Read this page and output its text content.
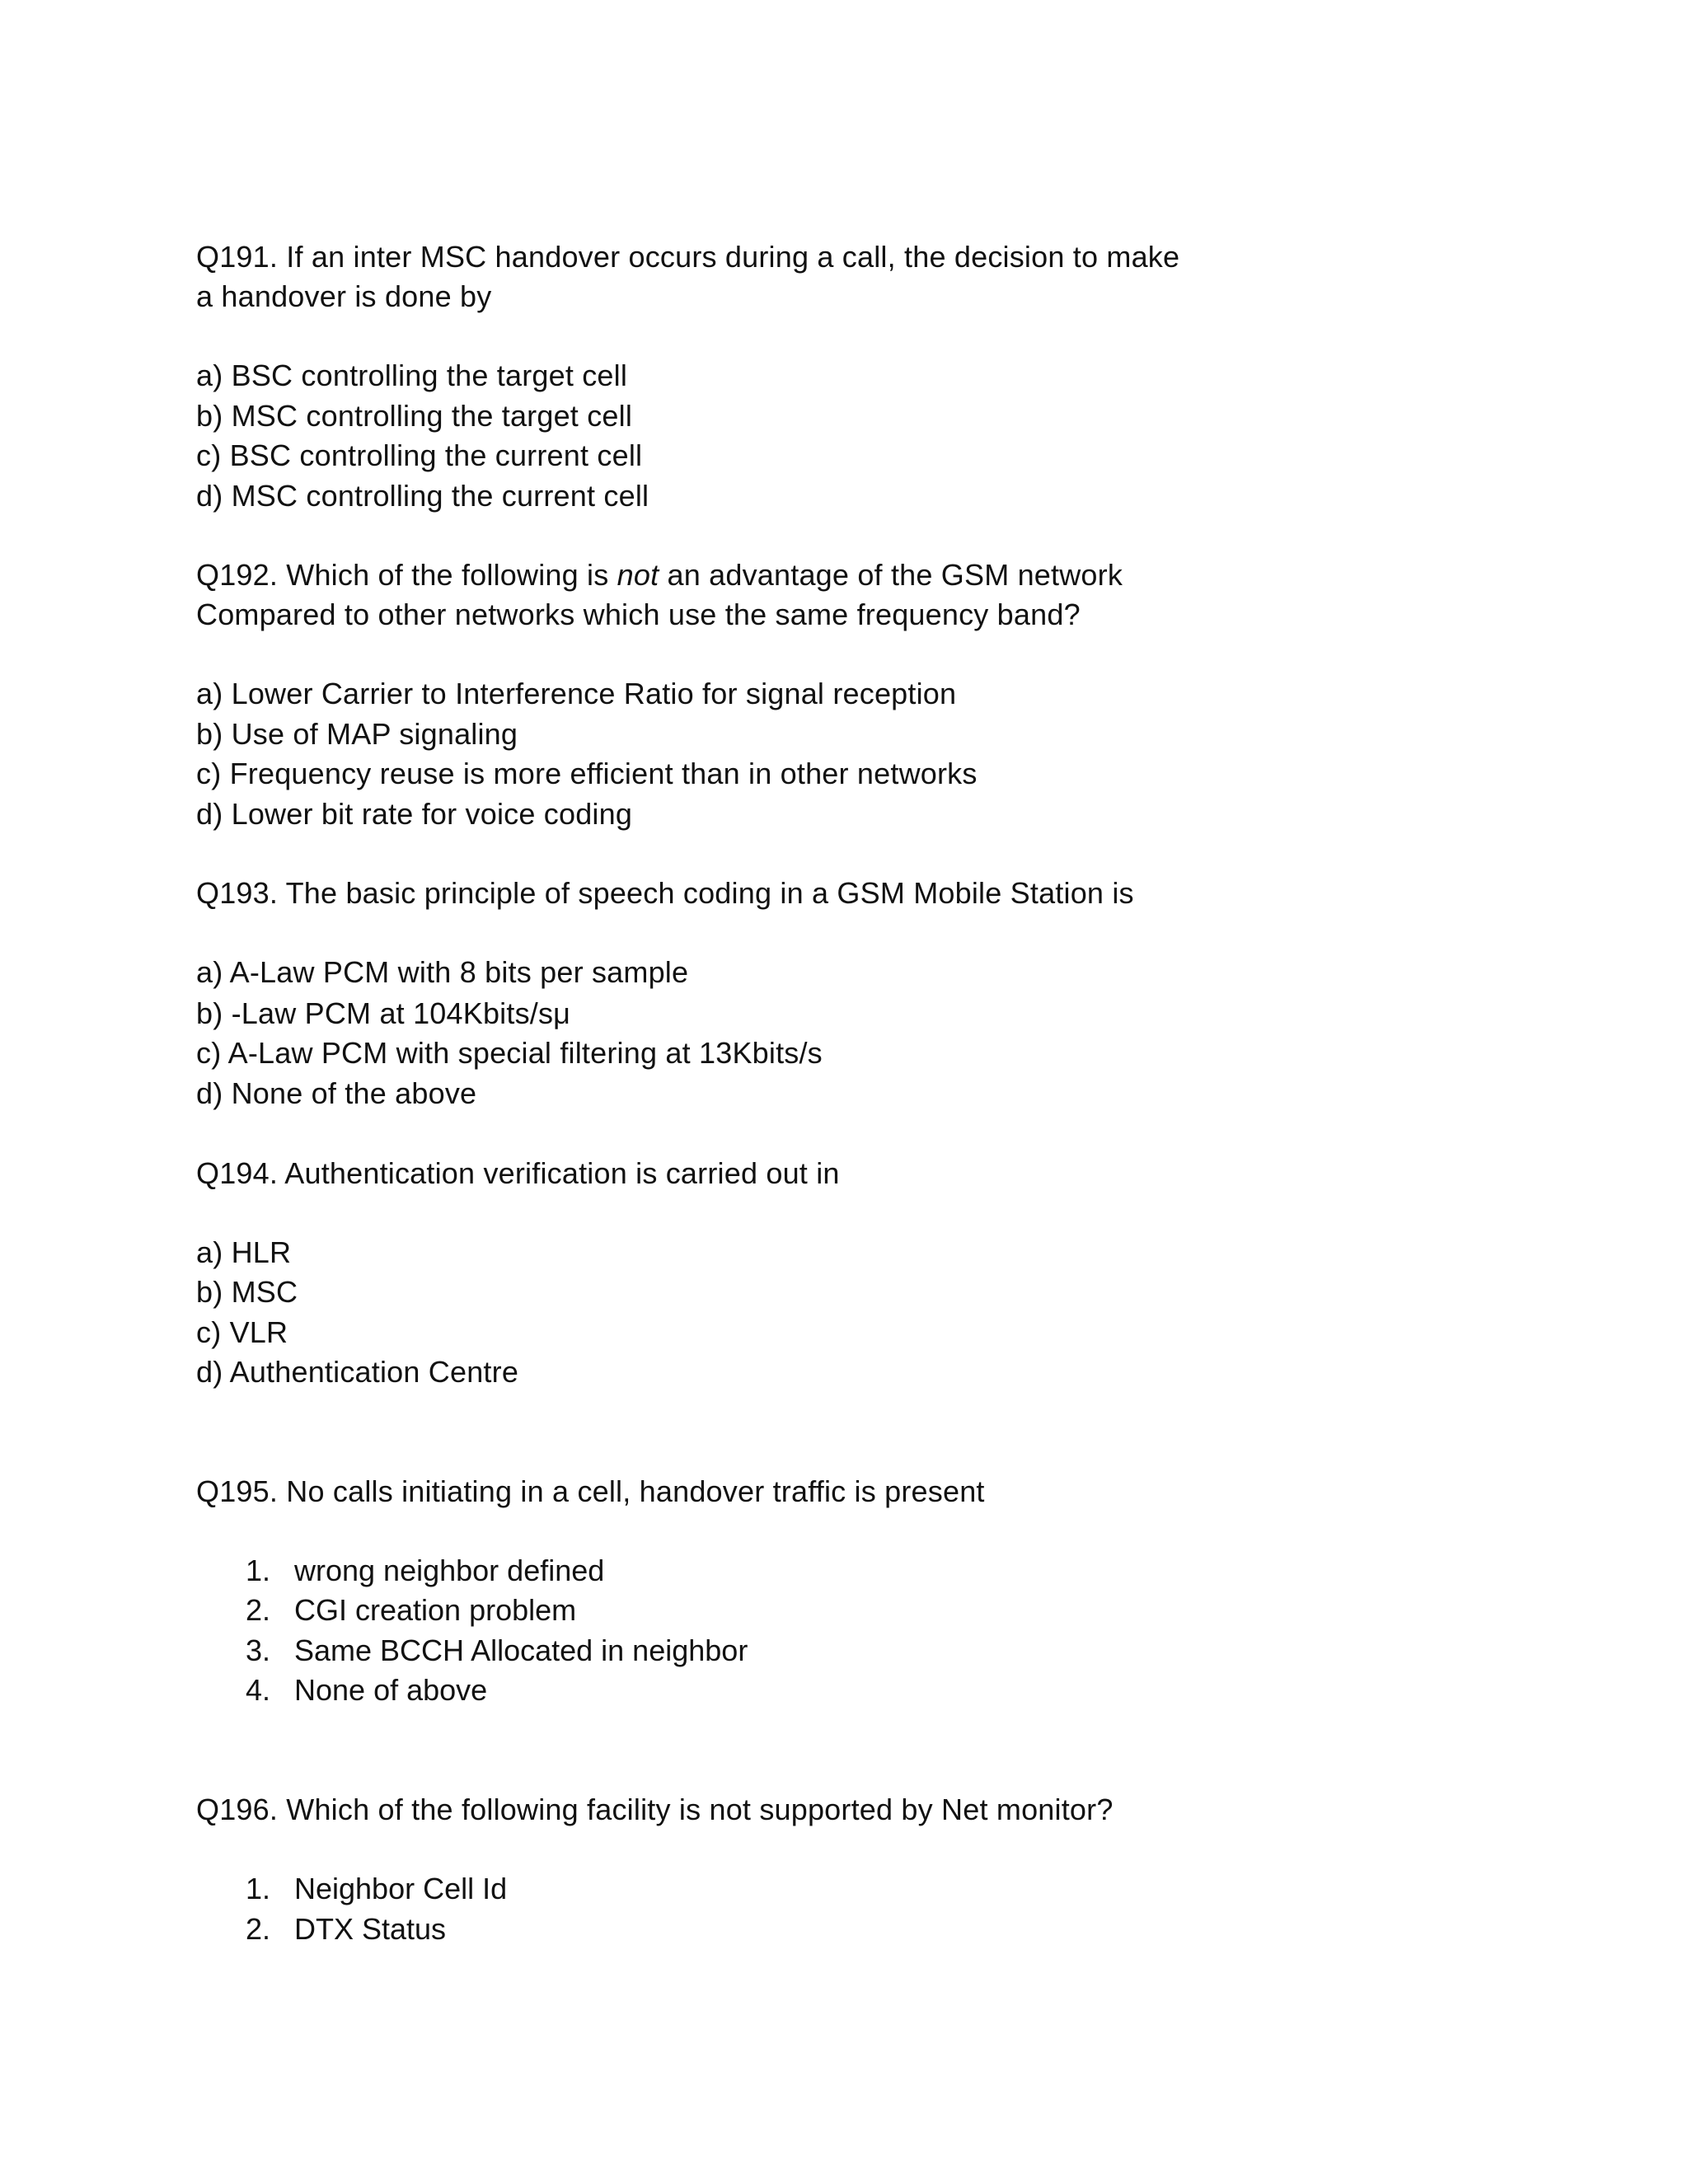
Q191. If an inter MSC handover occurs during a call, the decision to make
a handover is done by
a) BSC controlling the target cell
b) MSC controlling the target cell
c) BSC controlling the current cell
d) MSC controlling the current cell
Q192. Which of the following is not an advantage of the GSM network
Compared to other networks which use the same frequency band?
a) Lower Carrier to Interference Ratio for signal reception
b) Use of MAP signaling
c) Frequency reuse is more efficient than in other networks
d) Lower bit rate for voice coding
Q193. The basic principle of speech coding in a GSM Mobile Station is
a) A-Law PCM with 8 bits per sample
b) -Law PCM at 104Kbits/sμ
c) A-Law PCM with special filtering at 13Kbits/s
d) None of the above
Q194. Authentication verification is carried out in
a) HLR
b) MSC
c) VLR
d) Authentication Centre
Q195. No calls initiating in a cell, handover traffic is present
1. wrong neighbor defined
2. CGI creation problem
3. Same BCCH Allocated in neighbor
4. None of above
Q196. Which of the following facility is not supported by Net monitor?
1. Neighbor Cell Id
2. DTX Status
